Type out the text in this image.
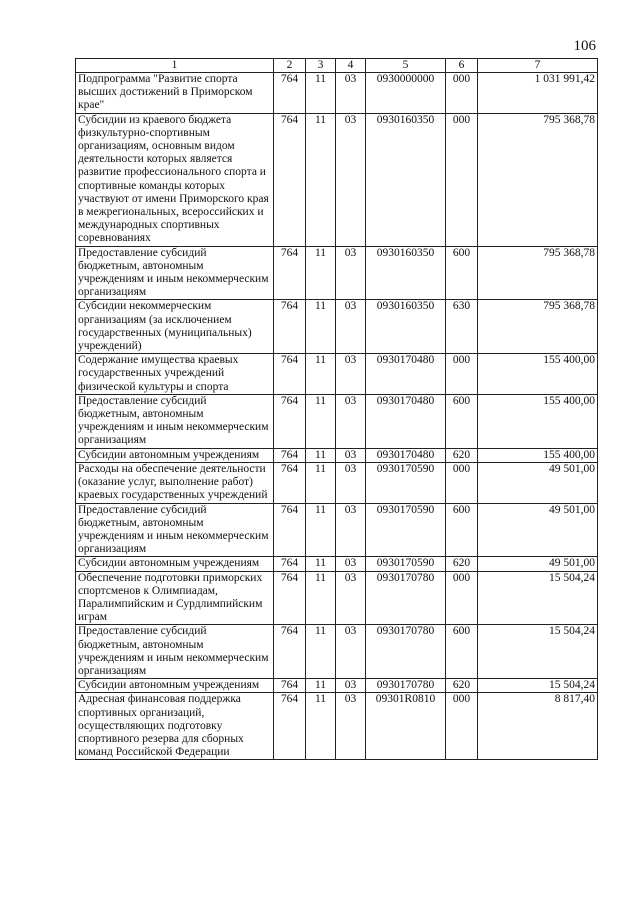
106
1	2	3	4	5	6	7
Подпрограмма "Развитие спорта высших достижений в Приморском крае"	764	11	03	0930000000	000	1 031 991,42
Субсидии из краевого бюджета физкультурно-спортивным организациям, основным видом деятельности которых является развитие профессионального спорта и спортивные команды которых участвуют от имени Приморского края в межрегиональных, всероссийских и международных спортивных соревнованиях	764	11	03	0930160350	000	795 368,78
Предоставление субсидий бюджетным, автономным учреждениям и иным некоммерческим организациям	764	11	03	0930160350	600	795 368,78
Субсидии некоммерческим организациям (за исключением государственных (муниципальных) учреждений)	764	11	03	0930160350	630	795 368,78
Содержание имущества краевых государственных учреждений физической культуры и спорта	764	11	03	0930170480	000	155 400,00
Предоставление субсидий бюджетным, автономным учреждениям и иным некоммерческим организациям	764	11	03	0930170480	600	155 400,00
Субсидии автономным учреждениям	764	11	03	0930170480	620	155 400,00
Расходы на обеспечение деятельности (оказание услуг, выполнение работ) краевых государственных учреждений	764	11	03	0930170590	000	49 501,00
Предоставление субсидий бюджетным, автономным учреждениям и иным некоммерческим организациям	764	11	03	0930170590	600	49 501,00
Субсидии автономным учреждениям	764	11	03	0930170590	620	49 501,00
Обеспечение подготовки приморских спортсменов к Олимпиадам, Паралимпийским и Сурдлимпийским играм	764	11	03	0930170780	000	15 504,24
Предоставление субсидий бюджетным, автономным учреждениям и иным некоммерческим организациям	764	11	03	0930170780	600	15 504,24
Субсидии автономным учреждениям	764	11	03	0930170780	620	15 504,24
Адресная финансовая поддержка спортивных организаций, осуществляющих подготовку спортивного резерва для сборных команд Российской Федерации	764	11	03	09301R0810	000	8 817,40
